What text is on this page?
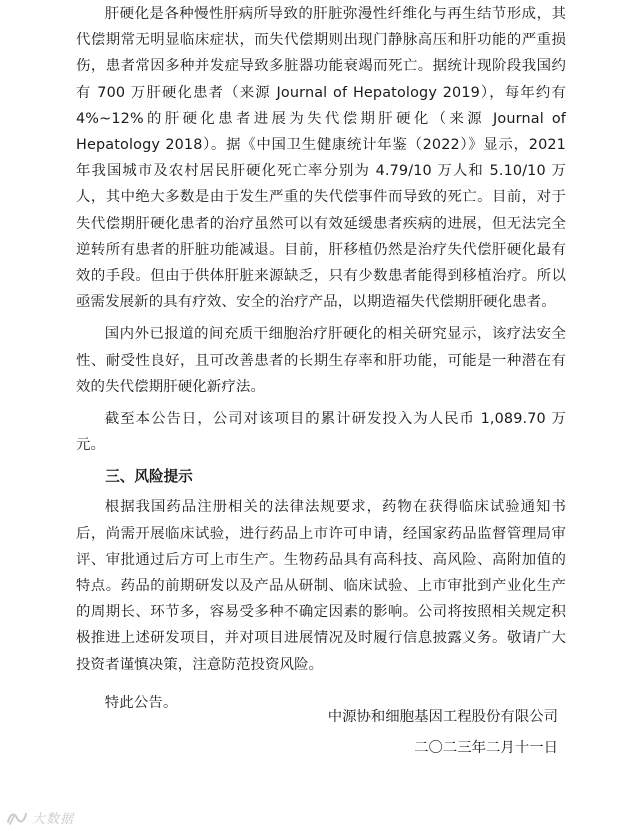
肝硬化是各种慢性肝病所导致的肝脏弥漫性纤维化与再生结节形成，其代偿期常无明显临床症状，而失代偿期则出现门静脉高压和肝功能的严重损伤，患者常因多种并发症导致多脏器功能衰竭而死亡。据统计现阶段我国约有 700 万肝硬化患者（来源 Journal of Hepatology 2019），每年约有 4%~12%的肝硬化患者进展为失代偿期肝硬化（来源 Journal of Hepatology 2018）。据《中国卫生健康统计年鉴（2022）》显示，2021 年我国城市及农村居民肝硬化死亡率分别为 4.79/10 万人和 5.10/10 万人，其中绝大多数是由于发生严重的失代偿事件而导致的死亡。目前，对于失代偿期肝硬化患者的治疗虽然可以有效延缓患者疾病的进展，但无法完全逆转所有患者的肝脏功能减退。目前，肝移植仍然是治疗失代偿肝硬化最有效的手段。但由于供体肝脏来源缺乏，只有少数患者能得到移植治疗。所以亟需发展新的具有疗效、安全的治疗产品，以期造福失代偿期肝硬化患者。

国内外已报道的间充质干细胞治疗肝硬化的相关研究显示，该疗法安全性、耐受性良好，且可改善患者的长期生存率和肝功能，可能是一种潜在有效的失代偿期肝硬化新疗法。

截至本公告日，公司对该项目的累计研发投入为人民币 1,089.70 万元。

三、风险提示

根据我国药品注册相关的法律法规要求，药物在获得临床试验通知书后，尚需开展临床试验，进行药品上市许可申请，经国家药品监督管理局审评、审批通过后方可上市生产。生物药品具有高科技、高风险、高附加值的特点。药品的前期研发以及产品从研制、临床试验、上市审批到产业化生产的周期长、环节多，容易受多种不确定因素的影响。公司将按照相关规定积极推进上述研发项目，并对项目进展情况及时履行信息披露义务。敬请广大投资者谨慎决策，注意防范投资风险。

特此公告。

中源协和细胞基因工程股份有限公司
二〇二三年二月十一日
大数据
